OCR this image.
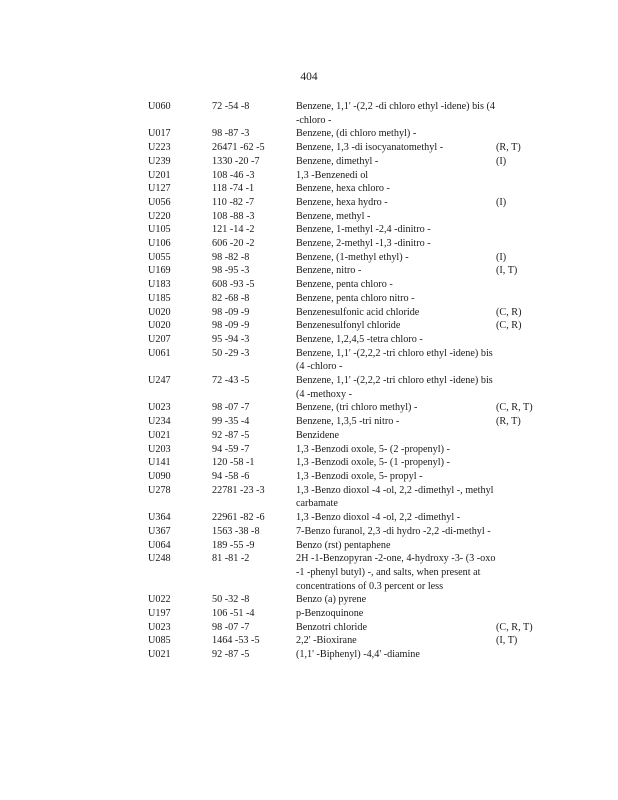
404
U060	72 -54 -8	Benzene, 1,1' -(2,2 -di chloro ethyl -idene) bis (4 -chloro -	
U017	98 -87 -3	Benzene, (di chloro methyl) -	
U223	26471 -62 -5	Benzene, 1,3 -di isocyanatomethyl -	(R, T)
U239	1330 -20 -7	Benzene, dimethyl -	(I)
U201	108 -46 -3	1,3 -Benzenedi ol	
U127	118 -74 -1	Benzene, hexa chloro -	
U056	110 -82 -7	Benzene, hexa hydro -	(I)
U220	108 -88 -3	Benzene, methyl -	
U105	121 -14 -2	Benzene, 1-methyl -2,4 -dinitro -	
U106	606 -20 -2	Benzene, 2-methyl -1,3 -dinitro -	
U055	98 -82 -8	Benzene, (1-methyl ethyl) -	(I)
U169	98 -95 -3	Benzene, nitro -	(I, T)
U183	608 -93 -5	Benzene, penta chloro -	
U185	82 -68 -8	Benzene, penta chloro nitro -	
U020	98 -09 -9	Benzenesulfonic acid chloride	(C, R)
U020	98 -09 -9	Benzenesulfonyl chloride	(C, R)
U207	95 -94 -3	Benzene, 1,2,4,5 -tetra chloro -	
U061	50 -29 -3	Benzene, 1,1' -(2,2,2 -tri chloro ethyl -idene) bis (4 -chloro -	
U247	72 -43 -5	Benzene, 1,1' -(2,2,2 -tri chloro ethyl -idene) bis (4 -methoxy -	
U023	98 -07 -7	Benzene, (tri chloro methyl) -	(C, R, T)
U234	99 -35 -4	Benzene, 1,3,5 -tri nitro -	(R, T)
U021	92 -87 -5	Benzidene	
U203	94 -59 -7	1,3 -Benzodi oxole, 5- (2 -propenyl) -	
U141	120 -58 -1	1,3 -Benzodi oxole, 5- (1 -propenyl) -	
U090	94 -58 -6	1,3 -Benzodi oxole, 5- propyl -	
U278	22781 -23 -3	1,3 -Benzo dioxol -4 -ol, 2,2 -dimethyl -, methyl carbamate	
U364	22961 -82 -6	1,3 -Benzo dioxol -4 -ol, 2,2 -dimethyl -	
U367	1563 -38 -8	7-Benzo furanol, 2,3 -di hydro -2,2 -di-methyl -	
U064	189 -55 -9	Benzo (rst) pentaphene	
U248	81 -81 -2	2H -1-Benzopyran -2-one, 4-hydroxy -3- (3 -oxo -1 -phenyl butyl) -, and salts, when present at concentrations of 0.3 percent or less	
U022	50 -32 -8	Benzo (a) pyrene	
U197	106 -51 -4	p-Benzoquinone	
U023	98 -07 -7	Benzotri chloride	(C, R, T)
U085	1464 -53 -5	2,2' -Bioxirane	(I, T)
U021	92 -87 -5	(1,1' -Biphenyl) -4,4' -diamine	
